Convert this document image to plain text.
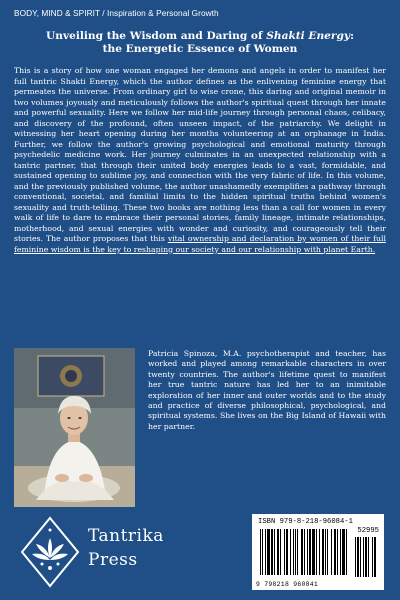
BODY, MIND & SPIRIT / Inspiration & Personal Growth
Unveiling the Wisdom and Daring of Shakti Energy:
the Energetic Essence of Women
This is a story of how one woman engaged her demons and angels in order to manifest her full tantric Shakti Energy, which the author defines as the enlivening feminine energy that permeates the universe. From ordinary girl to wise crone, this daring and original memoir in two volumes joyously and meticulously follows the author's spiritual quest through her innate and powerful sexuality. Here we follow her mid-life journey through personal chaos, celibacy, and discovery of the profound, often unseen impact, of the patriarchy. We delight in witnessing her heart opening during her months volunteering at an orphanage in India. Further, we follow the author's growing psychological and emotional maturity through psychedelic medicine work. Her journey culminates in an unexpected relationship with a tantric partner, that through their united body energies leads to a vast, formidable, and sustained opening to sublime joy, and connection with the very fabric of life. In this volume, and the previously published volume, the author unashamedly exemplifies a pathway through conventional, societal, and familial limits to the hidden spiritual truths behind women's sexuality and truth-telling. These two books are nothing less than a call for women in every walk of life to dare to embrace their personal stories, family lineage, intimate relationships, motherhood, and sexual energies with wonder and curiosity, and courageously tell their stories. The author proposes that this vital ownership and declaration by women of their full feminine wisdom is the key to reshaping our society and our relationship with planet Earth.
Patricia Spinoza, M.A. psychotherapist and teacher, has worked and played among remarkable characters in over twenty countries. The author's lifetime quest to manifest her true tantric nature has led her to an inimitable exploration of her inner and outer worlds and to the study and practice of diverse philosophical, psychological, and spiritual systems. She lives on the Big Island of Hawaii with her partner.
Tantrika
Press
ISBN 979-8-218-96084-1
52995
9 798218 960841
